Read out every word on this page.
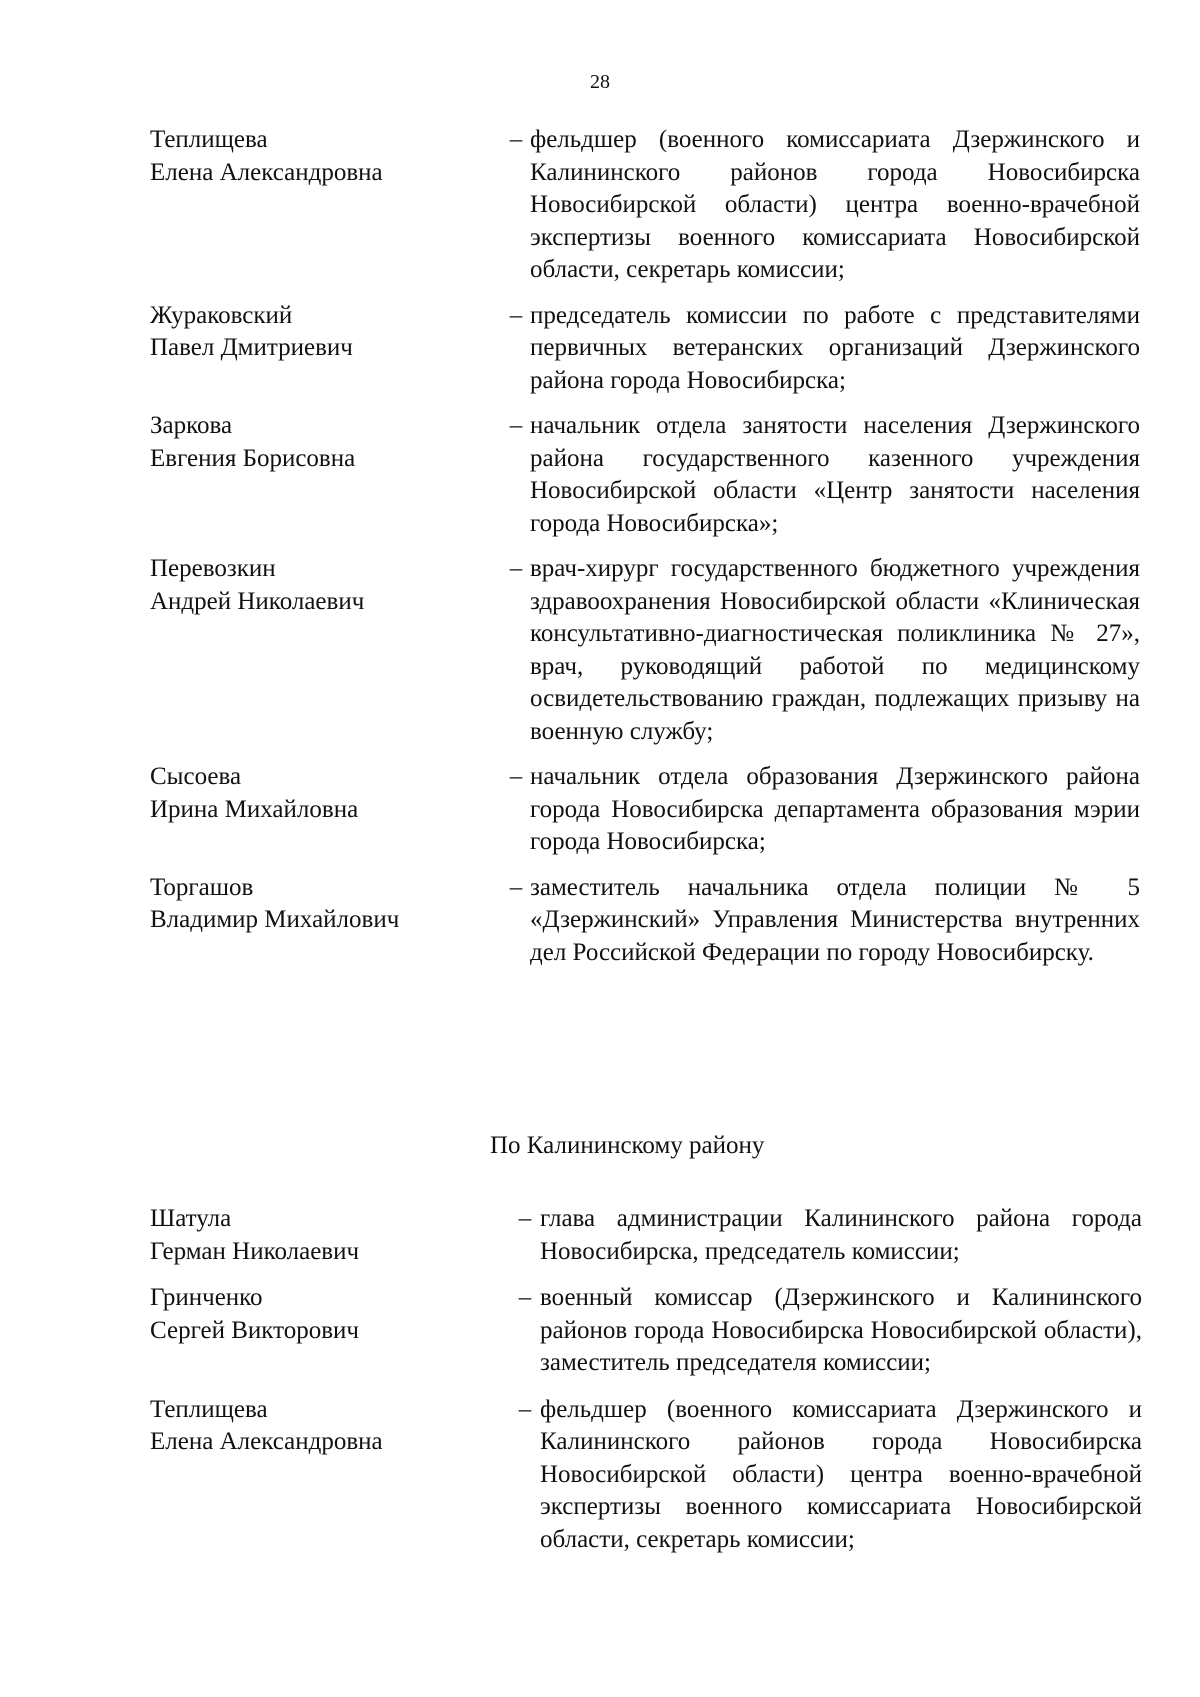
28
Теплищева
Елена Александровна
– фельдшер (военного комиссариата Дзержинского и Калининского районов города Новосибирска Новосибирской области) центра военно-врачебной экспертизы военного комиссариата Новосибирской области, секретарь комиссии;
Жураковский
Павел Дмитриевич
– председатель комиссии по работе с представителями первичных ветеранских организаций Дзержинского района города Новосибирска;
Заркова
Евгения Борисовна
– начальник отдела занятости населения Дзержинского района государственного казенного учреждения Новосибирской области «Центр занятости населения города Новосибирска»;
Перевозкин
Андрей Николаевич
– врач-хирург государственного бюджетного учреждения здравоохранения Новосибирской области «Клиническая консультативно-диагностическая поликлиника № 27», врач, руководящий работой по медицинскому освидетельствованию граждан, подлежащих призыву на военную службу;
Сысоева
Ирина Михайловна
– начальник отдела образования Дзержинского района города Новосибирска департамента образования мэрии города Новосибирска;
Торгашов
Владимир Михайлович
– заместитель начальника отдела полиции № 5 «Дзержинский» Управления Министерства внутренних дел Российской Федерации по городу Новосибирску.
По Калининскому району
Шатула
Герман Николаевич
– глава администрации Калининского района города Новосибирска, председатель комиссии;
Гринченко
Сергей Викторович
– военный комиссар (Дзержинского и Калининского районов города Новосибирска Новосибирской области), заместитель председателя комиссии;
Теплищева
Елена Александровна
– фельдшер (военного комиссариата Дзержинского и Калининского районов города Новосибирска Новосибирской области) центра военно-врачебной экспертизы военного комиссариата Новосибирской области, секретарь комиссии;
